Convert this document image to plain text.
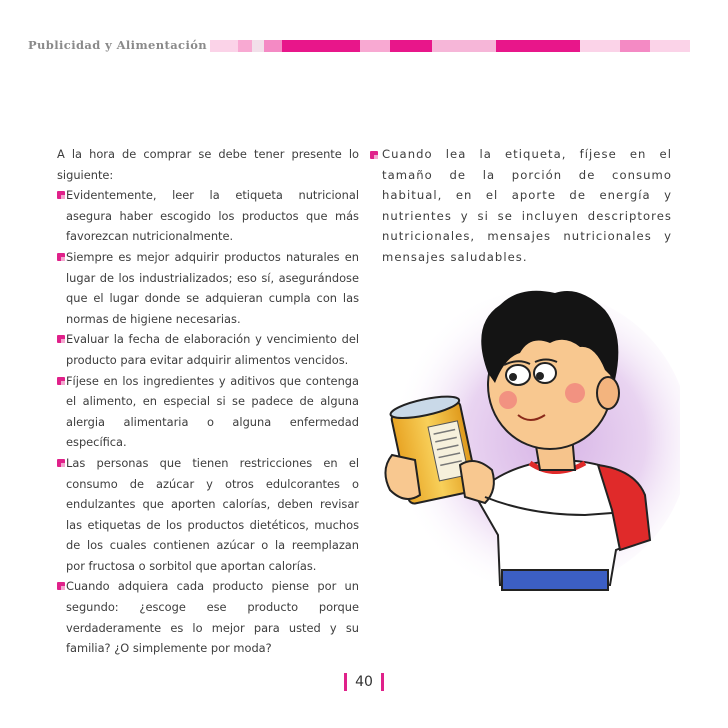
Publicidad y Alimentación

A la hora de comprar se debe tener presente lo siguiente:

Evidentemente, leer la etiqueta nutricional asegura haber escogido los productos que más favorezcan nutricionalmente.
Siempre es mejor adquirir productos naturales en lugar de los industrializados; eso sí, asegurándose que el lugar donde se adquieran cumpla con las normas de higiene necesarias.
Evaluar la fecha de elaboración y vencimiento del producto para evitar adquirir alimentos vencidos.
Fíjese en los ingredientes y aditivos que contenga el alimento, en especial si se padece de alguna alergia alimentaria o alguna enfermedad específica.
Las personas que tienen restricciones en el consumo de azúcar y otros edulcorantes o endulzantes que aporten calorías, deben revisar las etiquetas de los productos dietéticos, muchos de los cuales contienen azúcar o la reemplazan por fructosa o sorbitol que aportan calorías.
Cuando adquiera cada producto piense por un segundo: ¿escoge ese producto porque verdaderamente es lo mejor para usted y su familia? ¿O simplemente por moda?

Cuando lea la etiqueta, fíjese en el tamaño de la porción de consumo habitual, en el aporte de energía y nutrientes y si se incluyen descriptores nutricionales, mensajes nutricionales y mensajes saludables.

40
